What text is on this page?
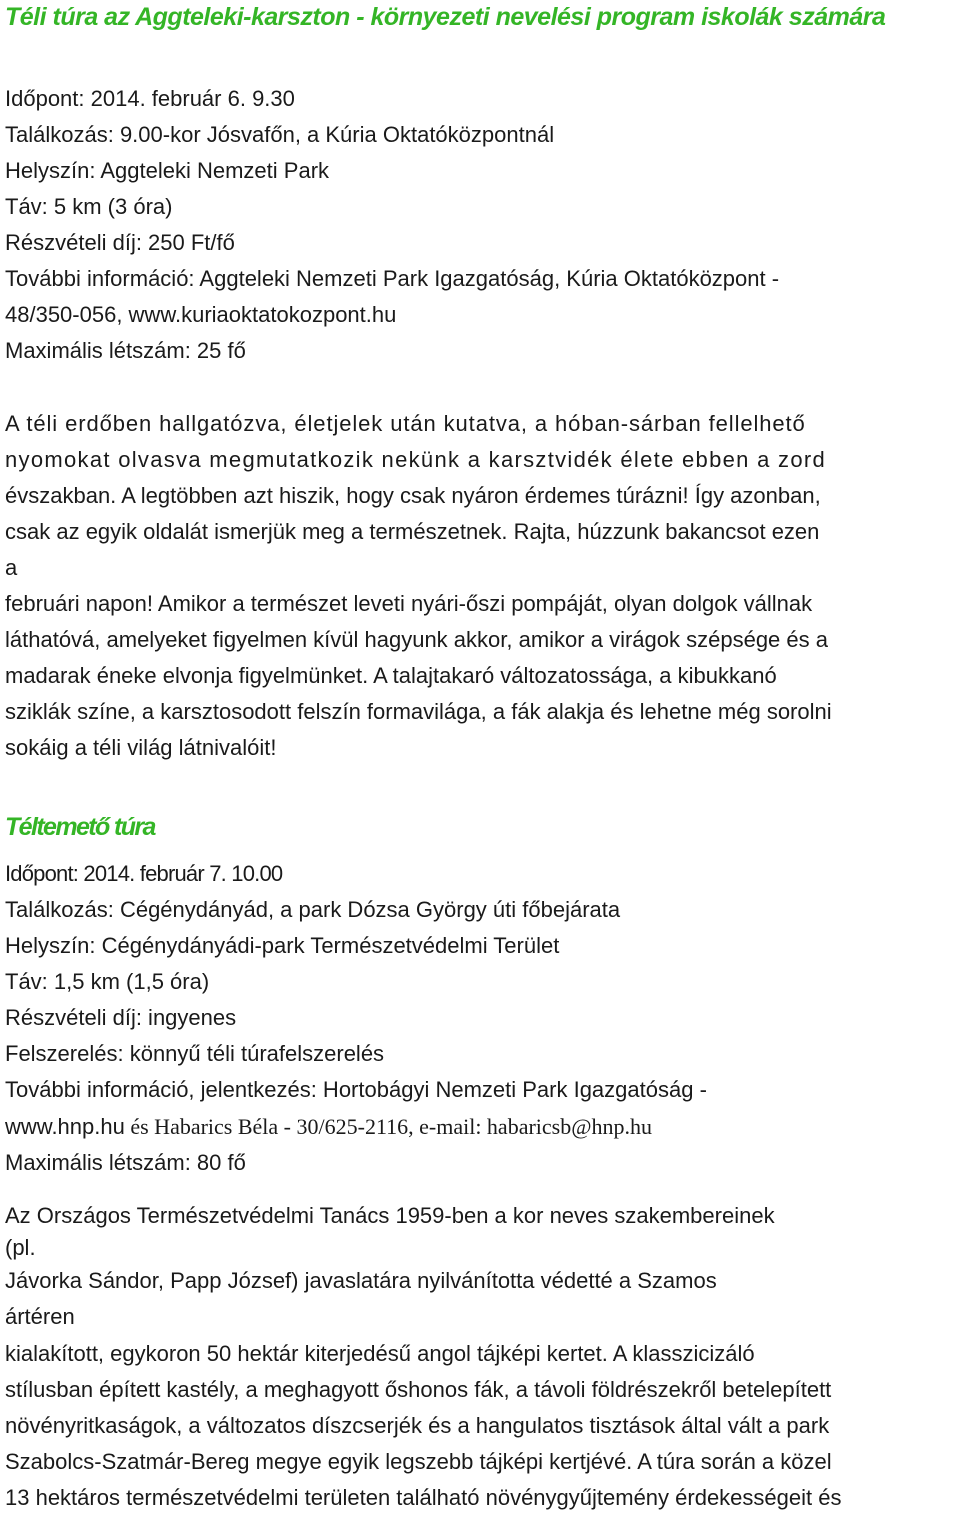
Téli túra az Aggteleki-karszton - környezeti nevelési program iskolák számára
Időpont: 2014. február 6. 9.30
Találkozás: 9.00-kor Jósvafőn, a Kúria Oktatóközpontnál
Helyszín: Aggteleki Nemzeti Park
Táv: 5 km (3 óra)
Részvételi díj: 250 Ft/fő
További információ: Aggteleki Nemzeti Park Igazgatóság, Kúria Oktatóközpont -
48/350-056, www.kuriaoktatokozpont.hu
Maximális létszám: 25 fő
A téli erdőben hallgatózva, életjelek után kutatva, a hóban-sárban fellelhető
nyomokat olvasva megmutatkozik nekünk a karsztvidék élete ebben a zord
évszakban. A legtöbben azt hiszik, hogy csak nyáron érdemes túrázni! Így azonban,
csak az egyik oldalát ismerjük meg a természetnek. Rajta, húzzunk bakancsot ezen
a
februári napon! Amikor a természet leveti nyári-őszi pompáját, olyan dolgok vállnak
láthatóvá, amelyeket figyelmen kívül hagyunk akkor, amikor a virágok szépsége és a
madarak éneke elvonja figyelmünket. A talajtakaró változatossága, a kibukkanó
sziklák színe, a karsztosodott felszín formavilága, a fák alakja és lehetne még sorolni
sokáig a téli világ látnivalóit!
Téltemető túra
Időpont: 2014. február 7. 10.00
Találkozás: Cégénydányád, a park Dózsa György úti főbejárata
Helyszín: Cégénydányádi-park Természetvédelmi Terület
Táv: 1,5 km (1,5 óra)
Részvételi díj: ingyenes
Felszerelés: könnyű téli túrafelszerelés
További információ, jelentkezés: Hortobágyi Nemzeti Park Igazgatóság -
www.hnp.hu és Habarics Béla - 30/625-2116, e-mail: habaricsb@hnp.hu
Maximális létszám: 80 fő
Az Országos Természetvédelmi Tanács 1959-ben a kor neves szakembereinek
(pl.
Jávorka Sándor, Papp József) javaslatára nyilvánította védetté a Szamos
ártéren
kialakított, egykoron 50 hektár kiterjedésű angol tájképi kertet. A klasszicizáló
stílusban épített kastély, a meghagyott őshonos fák, a távoli földrészekről betelepített
növényritkaságok, a változatos díszcserjék és a hangulatos tisztások által vált a park
Szabolcs-Szatmár-Bereg megye egyik legszebb tájképi kertjévé. A túra során a közel
13 hektáros természetvédelmi területen található növénygyűjtemény érdekességeit és
